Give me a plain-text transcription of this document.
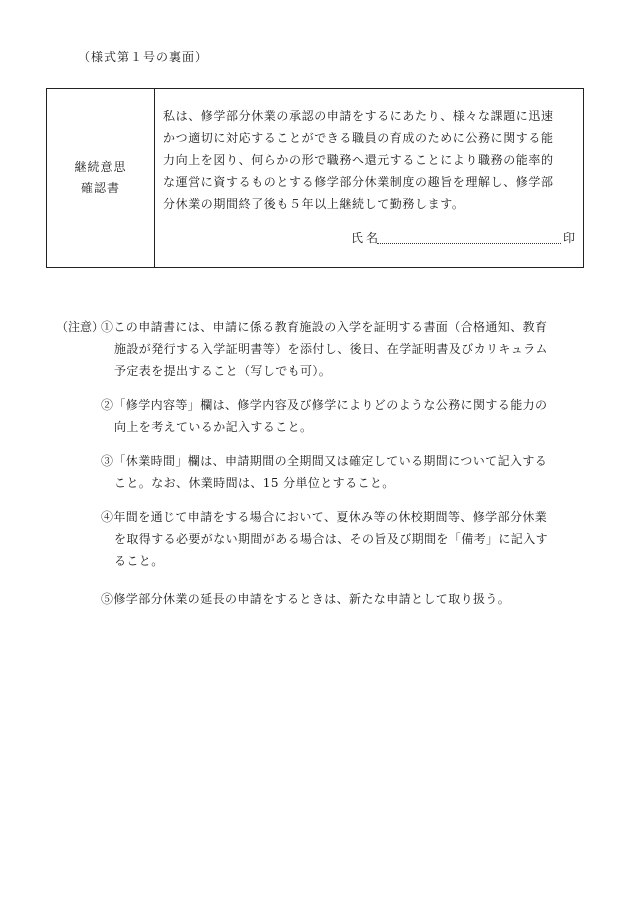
（様式第１号の裏面）
継続意思
確認書
私は、修学部分休業の承認の申請をするにあたり、様々な課題に迅速
かつ適切に対応することができる職員の育成のために公務に関する能
力向上を図り、何らかの形で職務へ還元することにより職務の能率的
な運営に資するものとする修学部分休業制度の趣旨を理解し、修学部
分休業の期間終了後も５年以上継続して勤務します。
氏名	印
（注意）
①この申請書には、申請に係る教育施設の入学を証明する書面（合格通知、教育
施設が発行する入学証明書等）を添付し、後日、在学証明書及びカリキュラム
予定表を提出すること（写しでも可）。
②「修学内容等」欄は、修学内容及び修学によりどのような公務に関する能力の
向上を考えているか記入すること。
③「休業時間」欄は、申請期間の全期間又は確定している期間について記入する
こと。なお、休業時間は、15 分単位とすること。
④年間を通じて申請をする場合において、夏休み等の休校期間等、修学部分休業
を取得する必要がない期間がある場合は、その旨及び期間を「備考」に記入す
ること。
⑤修学部分休業の延長の申請をするときは、新たな申請として取り扱う。
